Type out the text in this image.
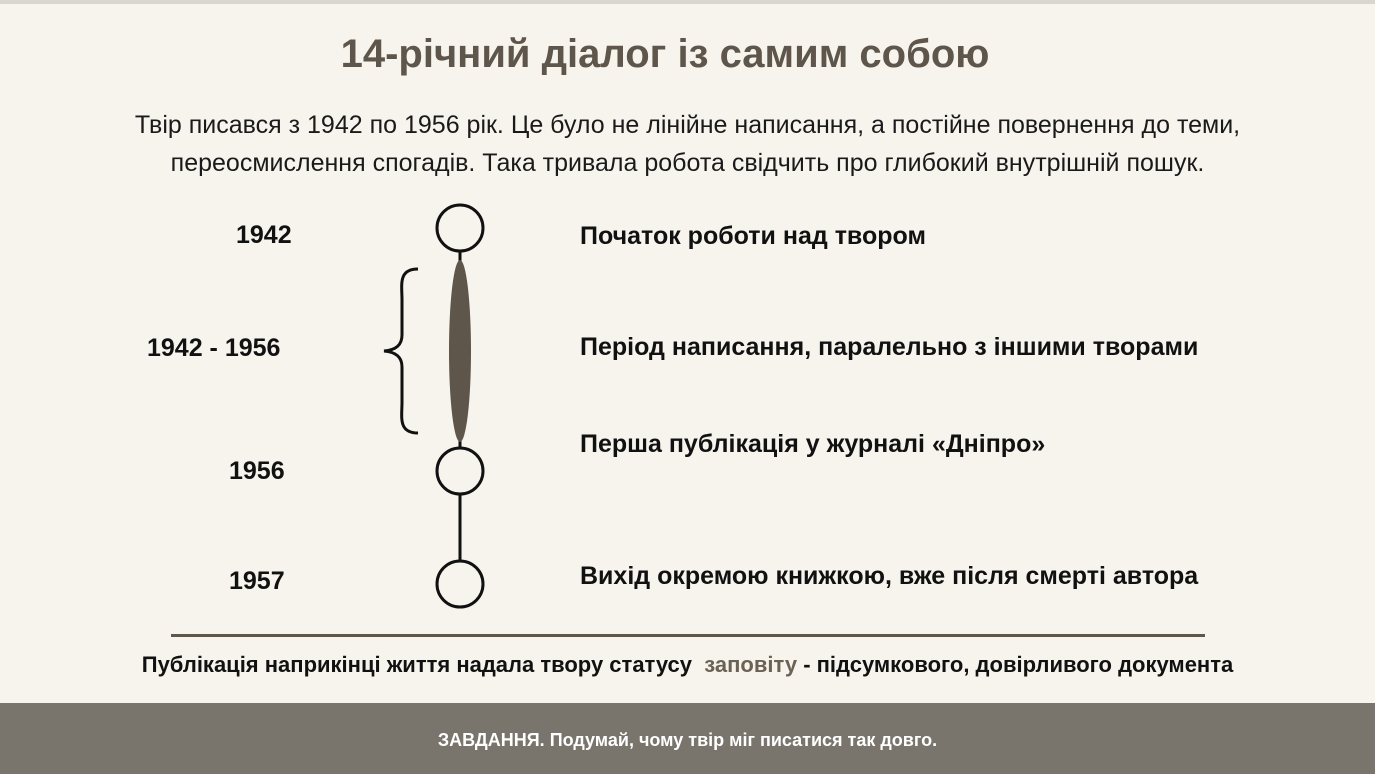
14-річний діалог із самим собою
Твір писався з 1942 по 1956 рік. Це було не лінійне написання, а постійне повернення до теми,
переосмислення спогадів. Така тривала робота свідчить про глибокий внутрішній пошук.
1942
1942 - 1956
1956
1957
Початок роботи над твором
Період написання, паралельно з іншими творами
Перша публікація у журналі «Дніпро»
Вихід окремою книжкою, вже після смерті автора
Публікація наприкінці життя надала твору статусу заповіту - підсумкового, довірливого документа
ЗАВДАННЯ. Подумай, чому твір міг писатися так довго.
